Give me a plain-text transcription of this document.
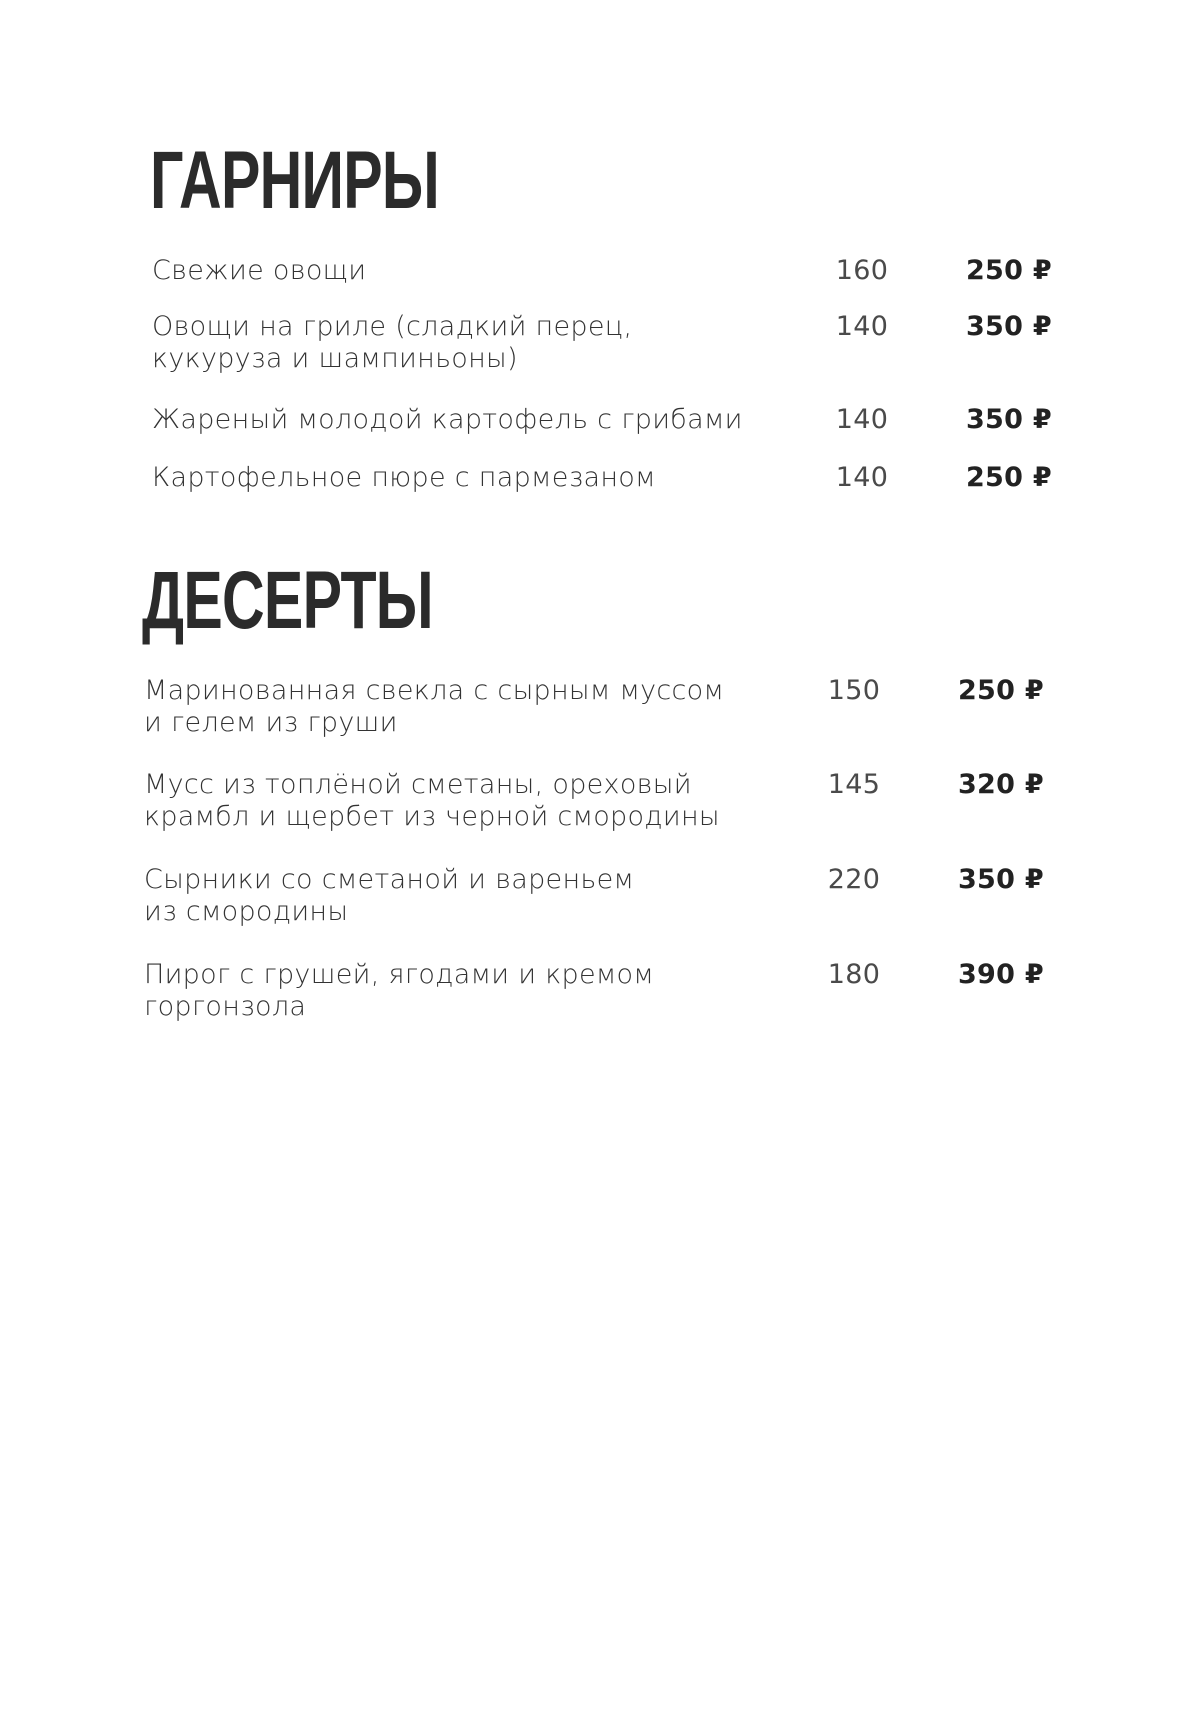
ГАРНИРЫ
Свежие овощи	160	250 ₽
Овощи на гриле (сладкий перец,
кукуруза и шампиньоны)
140	350 ₽
Жареный молодой картофель с грибами	140	350 ₽
Картофельное пюре с пармезаном	140	250 ₽
ДЕСЕРТЫ
Маринованная свекла с сырным муссом
и гелем из груши
150	250 ₽
Мусс из топлёной сметаны, ореховый
крамбл и щербет из черной смородины
145	320 ₽
Сырники со сметаной и вареньем
из смородины
220	350 ₽
Пирог с грушей, ягодами и кремом
горгонзола
180	390 ₽
